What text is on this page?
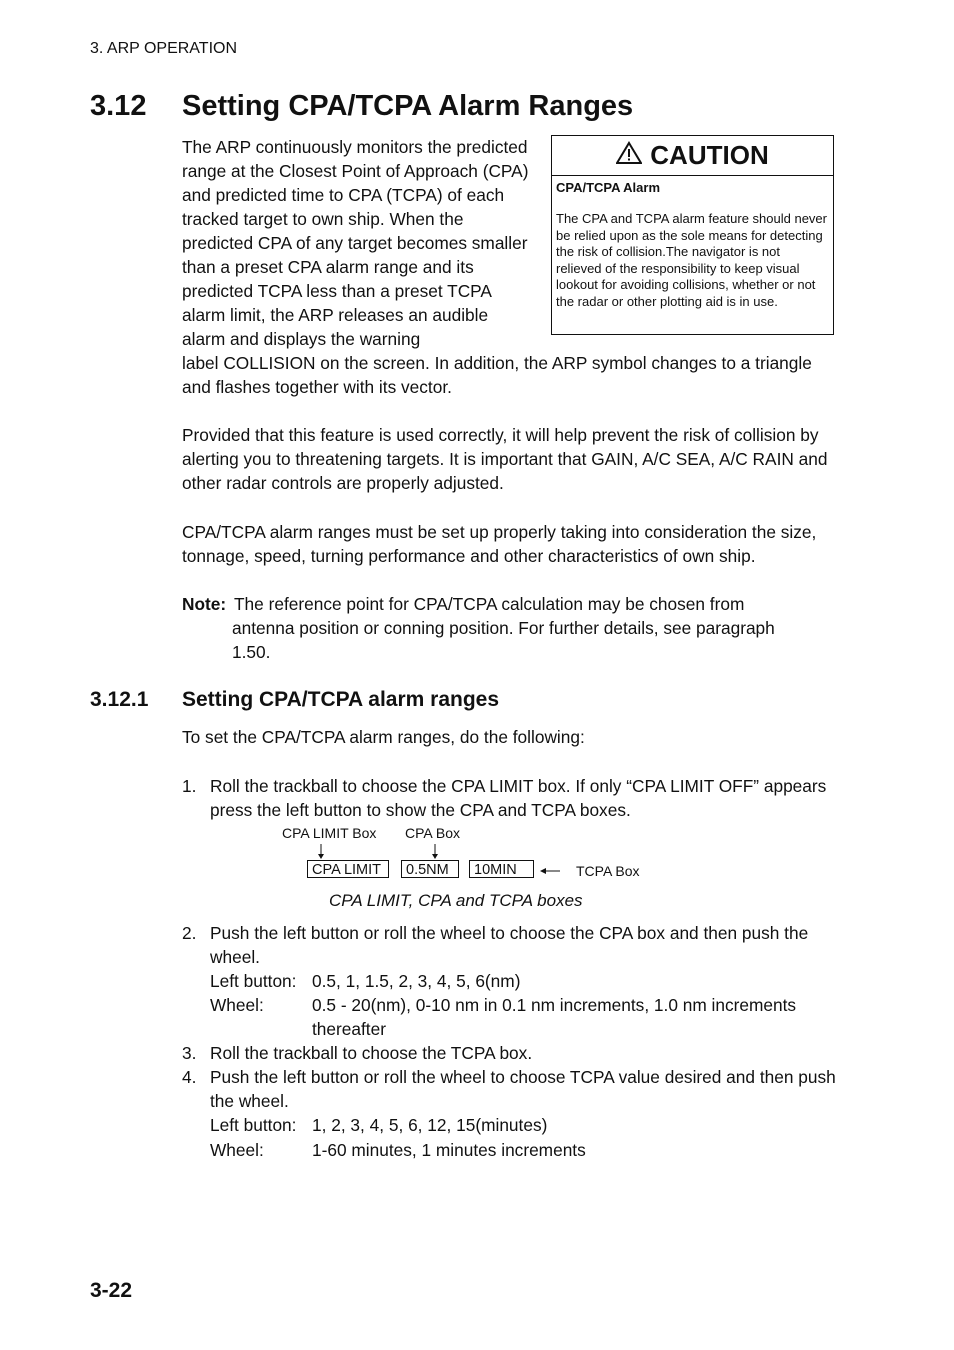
3. ARP OPERATION
3.12 Setting CPA/TCPA Alarm Ranges
The ARP continuously monitors the predicted range at the Closest Point of Approach (CPA) and predicted time to CPA (TCPA) of each tracked target to own ship. When the predicted CPA of any target becomes smaller than a preset CPA alarm range and its predicted TCPA less than a preset TCPA alarm limit, the ARP releases an audible alarm and displays the warning
label COLLISION on the screen. In addition, the ARP symbol changes to a triangle and flashes together with its vector.
CAUTION
CPA/TCPA Alarm
The CPA and TCPA alarm feature should never be relied upon as the sole means for detecting the risk of collision.The navigator is not relieved of the responsibility to keep visual lookout for avoiding collisions, whether or not the radar or other plotting aid is in use.
Provided that this feature is used correctly, it will help prevent the risk of collision by alerting you to threatening targets. It is important that GAIN, A/C SEA, A/C RAIN and other radar controls are properly adjusted.
CPA/TCPA alarm ranges must be set up properly taking into consideration the size, tonnage, speed, turning performance and other characteristics of own ship.
Note: The reference point for CPA/TCPA calculation may be chosen from
antenna position or conning position. For further details, see paragraph
1.50.
3.12.1 Setting CPA/TCPA alarm ranges
To set the CPA/TCPA alarm ranges, do the following:
1. Roll the trackball to choose the CPA LIMIT box. If only “CPA LIMIT OFF” appears press the left button to show the CPA and TCPA boxes.
CPA LIMIT Box CPA Box
CPA LIMIT	0.5NM	10MIN	TCPA Box
CPA LIMIT, CPA and TCPA boxes
2. Push the left button or roll the wheel to choose the CPA box and then push the wheel.
Left button: 0.5, 1, 1.5, 2, 3, 4, 5, 6(nm)
Wheel:	0.5 - 20(nm), 0-10 nm in 0.1 nm increments, 1.0 nm increments thereafter
3. Roll the trackball to choose the TCPA box.
4. Push the left button or roll the wheel to choose TCPA value desired and then push the wheel.
Left button: 1, 2, 3, 4, 5, 6, 12, 15(minutes)
Wheel:	1-60 minutes, 1 minutes increments
3-22
